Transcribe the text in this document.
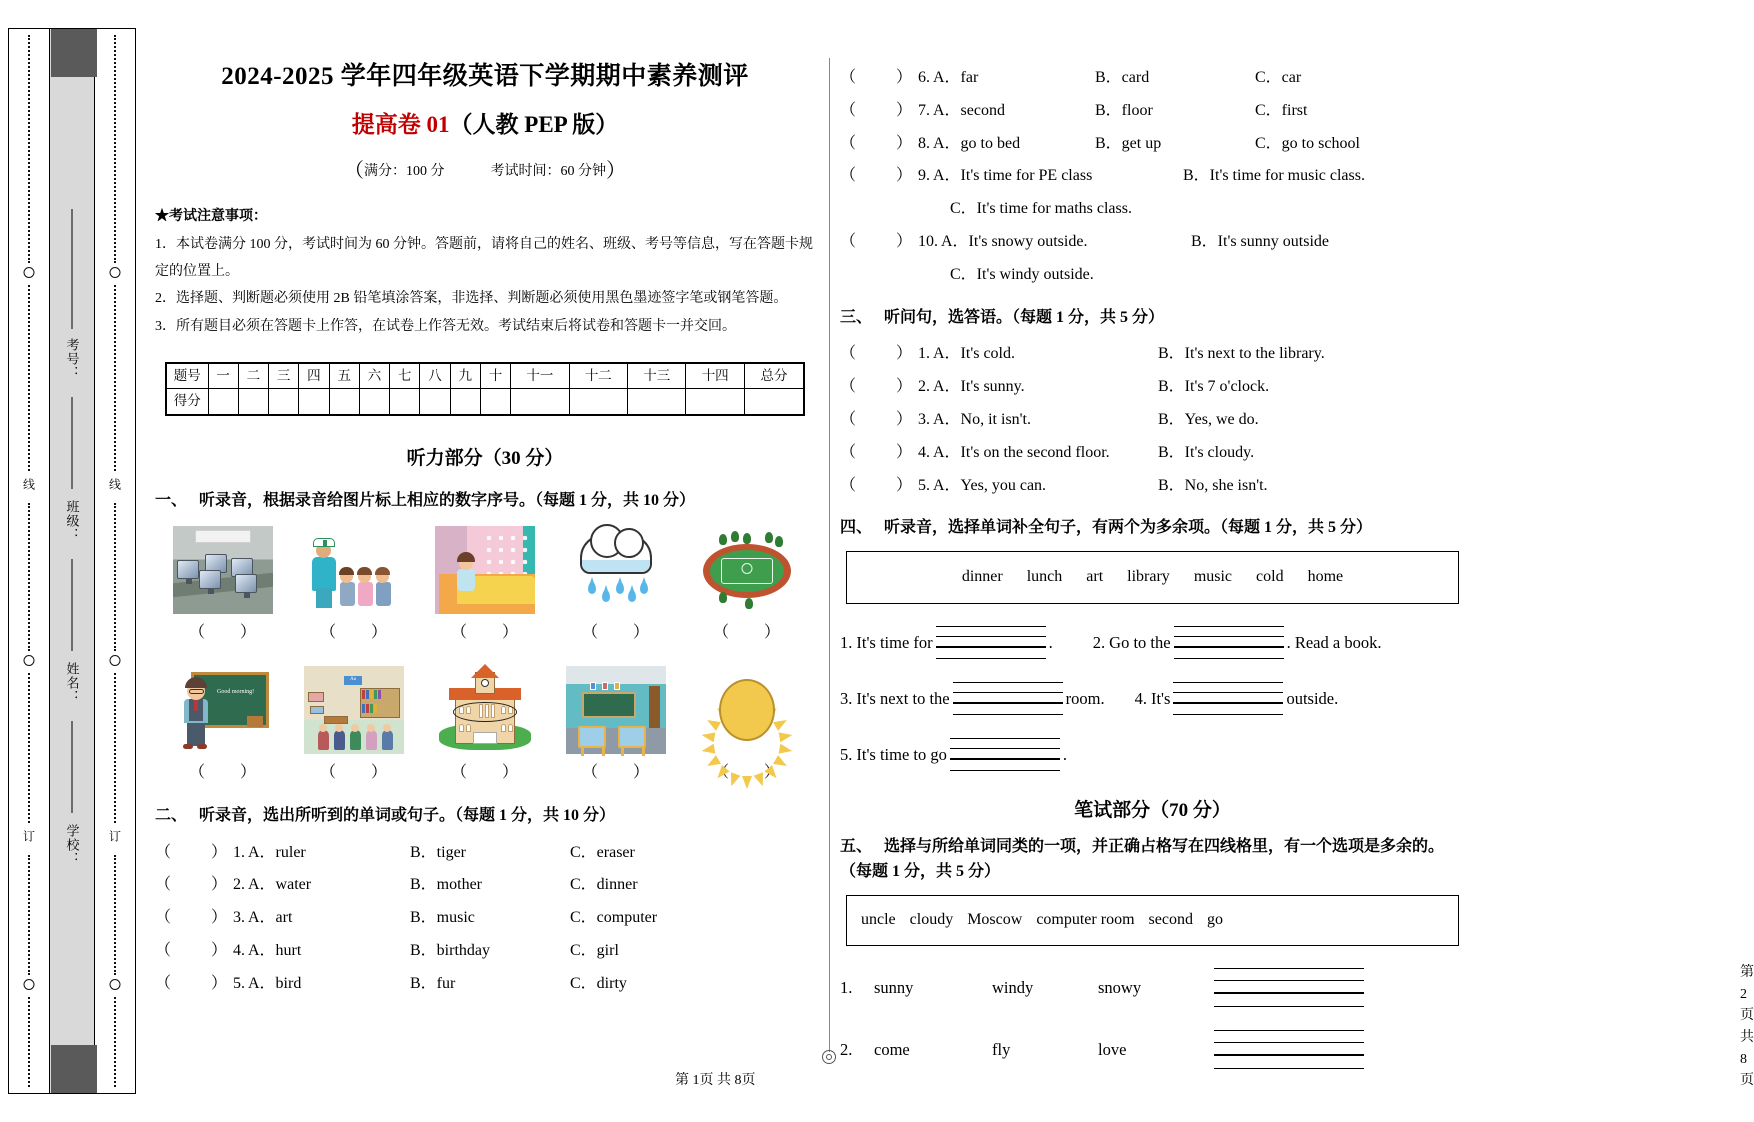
线
订
考号：
班级：
姓名：
学校：
线
订
2024-2025 学年四年级英语下学期期中素养测评
提高卷 01（人教 PEP 版）
（满分：100 分	考试时间：60 分钟）
★考试注意事项：
1．本试卷满分 100 分，考试时间为 60 分钟。答题前，请将自己的姓名、班级、考号等信息，写在答题卡规定的位置上。
2．选择题、判断题必须使用 2B 铅笔填涂答案，非选择、判断题必须使用黑色墨迹签字笔或钢笔答题。
3．所有题目必须在答题卡上作答，在试卷上作答无效。考试结束后将试卷和答题卡一并交回。
题号	一	二	三	四	五	六	七	八	九	十	十一	十二	十三	十四	总分
得分															
听力部分（30 分）
一、 听录音，根据录音给图片标上相应的数字序号。（每题 1 分，共 10 分）
（ ）	（ ）	（ ）	（ ）	（ ）
Good morning!
（ ）
Aa
（ ）	（ ）	（ ）	（ ）
二、 听录音，选出所听到的单词或句子。（每题 1 分，共 10 分）
（	） 1. A．ruler	B．tiger	C．eraser
（	） 2. A．water	B．mother	C．dinner
（	） 3. A．art	B．music	C．computer
（	） 4. A．hurt	B．birthday	C．girl
（	） 5. A．bird	B．fur	C．dirty
第 1页 共 8页
（	） 6. A．far	B．card	C．car
（	） 7. A．second	B．floor	C．first
（	） 8. A．go to bed	B．get up	C．go to school
（	） 9. A．It's time for PE class	B．It's time for music class.
C．It's time for maths class.
（	） 10. A．It's snowy outside.	B．It's sunny outside
C．It's windy outside.
三、 听问句，选答语。（每题 1 分，共 5 分）
（	） 1. A．It's cold.	B．It's next to the library.
（	） 2. A．It's sunny.	B．It's 7 o'clock.
（	） 3. A．No, it isn't.	B．Yes, we do.
（	） 4. A．It's on the second floor.	B．It's cloudy.
（	） 5. A．Yes, you can.	B．No, she isn't.
四、 听录音，选择单词补全句子，有两个为多余项。（每题 1 分，共 5 分）
dinner lunch art library music cold home
1. It's time for	. 2. Go to the	. Read a book.
3. It's next to the	room. 4. It's	outside.
5. It's time to go	.
笔试部分（70 分）
五、 选择与所给单词同类的一项，并正确占格写在四线格里，有一个选项是多余的。（每题 1 分，共 5 分）
uncle cloudy Moscow computer room second go
1.	sunny	windy	snowy
2.	come	fly	love
第 2页 共 8页
